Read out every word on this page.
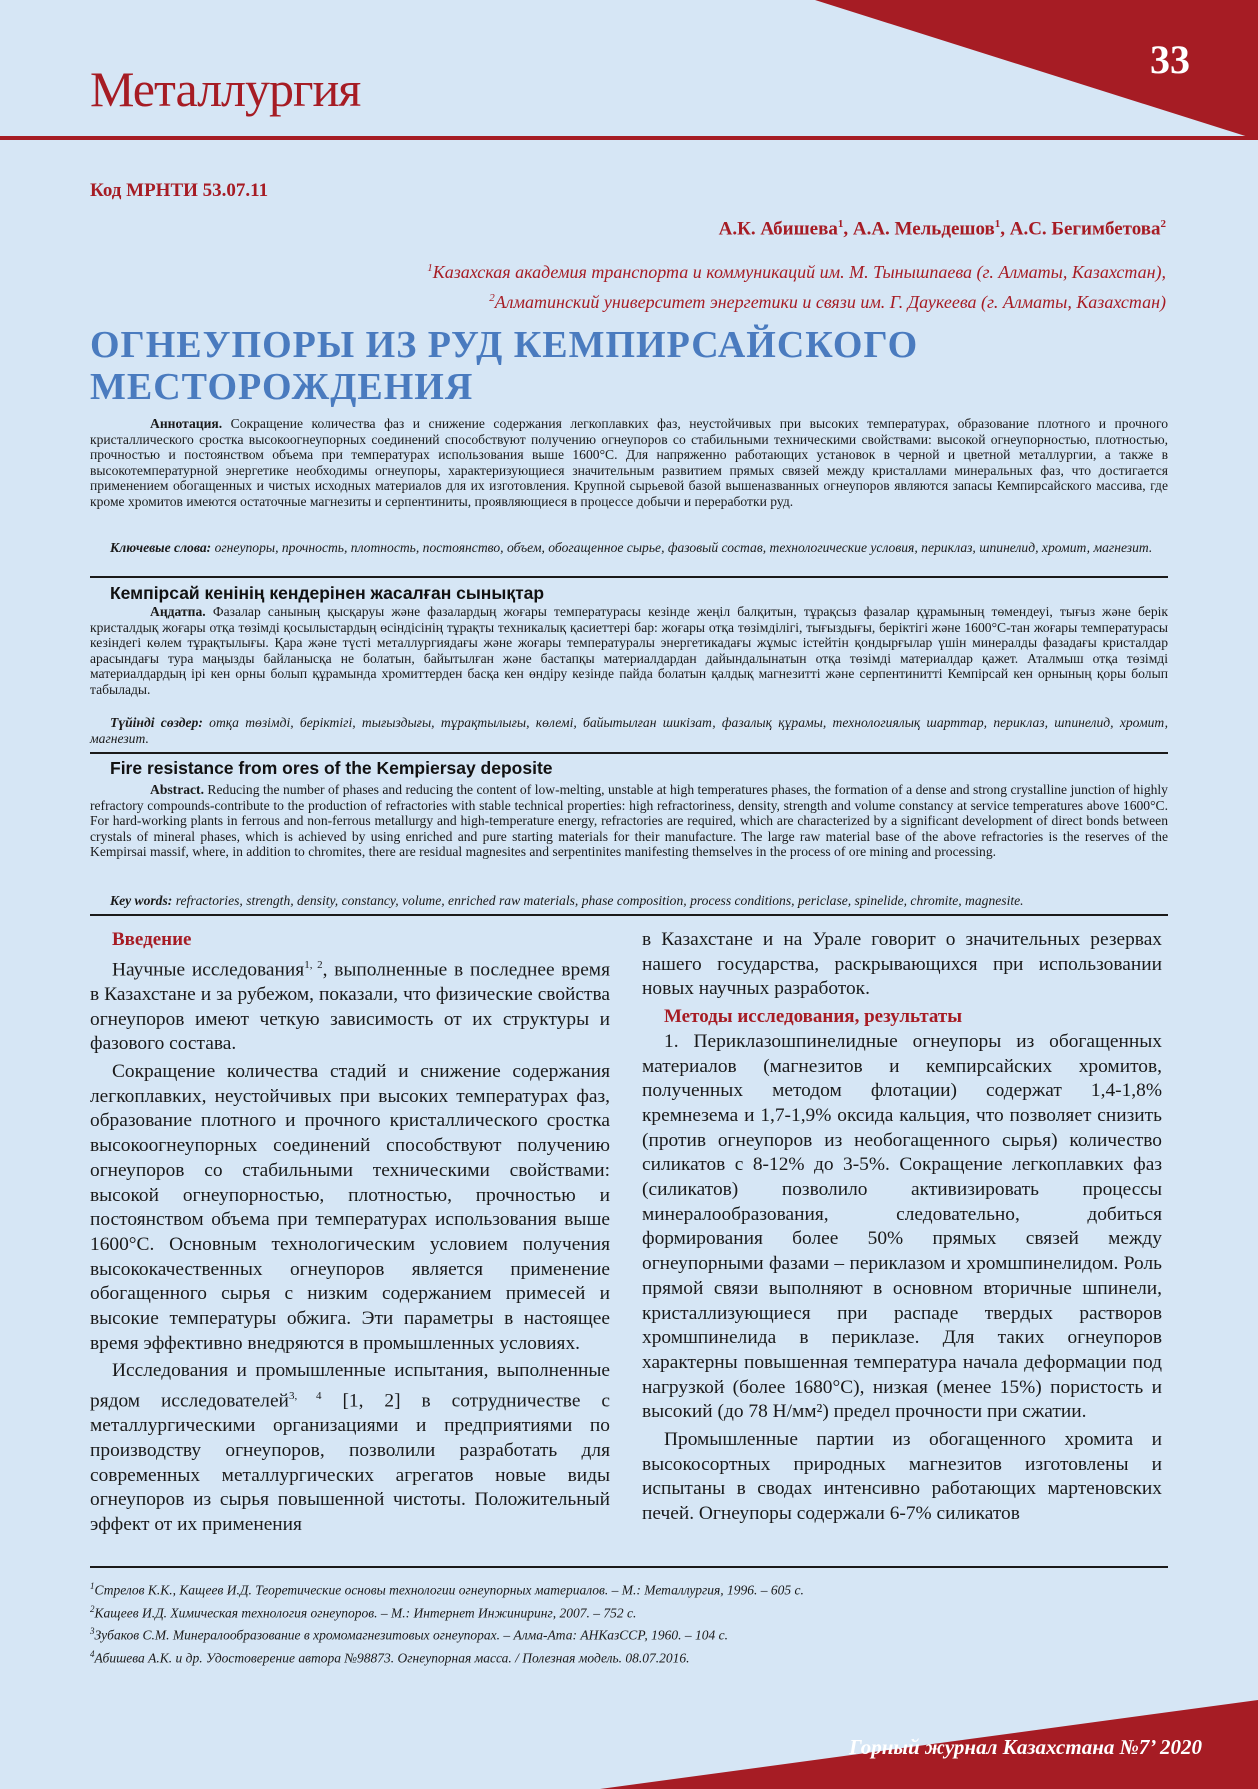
Металлургия
33
Код МРНТИ 53.07.11
А.К. Абишева$^1$, А.А. Мельдешов$^1$, А.С. Бегимбетова$^2$
$^1$Казахская академия транспорта и коммуникаций им. М. Тынышпаева (г. Алматы, Казахстан),
$^2$Алматинский университет энергетики и связи им. Г. Даукеева (г. Алматы, Казахстан)
ОГНЕУПОРЫ ИЗ РУД КЕМПИРСАЙСКОГО МЕСТОРОЖДЕНИЯ
Аннотация. Сокращение количества фаз и снижение содержания легкоплавких фаз, неустойчивых при высоких температурах, образование плотного и прочного кристаллического сростка высокоогнеупорных соединений способствуют получению огнеупоров со стабильными техническими свойствами: высокой огнеупорностью, плотностью, прочностью и постоянством объема при температурах использования выше 1600°С. Для напряженно работающих установок в черной и цветной металлургии, а также в высокотемпературной энергетике необходимы огнеупоры, характеризующиеся значительным развитием прямых связей между кристаллами минеральных фаз, что достигается применением обогащенных и чистых исходных материалов для их изготовления. Крупной сырьевой базой вышеназванных огнеупоров являются запасы Кемпирсайского массива, где кроме хромитов имеются остаточные магнезиты и серпентиниты, проявляющиеся в процессе добычи и переработки руд.
Ключевые слова: огнеупоры, прочность, плотность, постоянство, объем, обогащенное сырье, фазовый состав, технологические условия, периклаз, шпинелид, хромит, магнезит.
Кемпірсай кенінің кендерінен жасалған сынықтар
Аңдатпа. Фазалар санының қысқаруы және фазалардың жоғары температурасы кезінде жеңіл балқитын, тұрақсыз фазалар құрамының төмендеуі, тығыз және берік кристалдық жоғары отқа төзімді қосылыстардың өсіндісінің тұрақты техникалық қасиеттері бар: жоғары отқа төзімділігі, тығыздығы, беріктігі және 1600°С-тан жоғары температурасы кезіндегі көлем тұрақтылығы. Қара және түсті металлургиядағы және жоғары температуралы энергетикадағы жұмыс істейтін қондырғылар үшін минералды фазадағы кристалдар арасындағы тура маңызды байланысқа не болатын, байытылған және бастапқы материалдардан дайындалынатын отқа төзімді материалдар қажет. Аталмыш отқа төзімді материалдардың ірі кен орны болып құрамында хромиттерден басқа кен өндіру кезінде пайда болатын қалдық магнезитті және серпентинитті Кемпірсай кен орнының қоры болып табылады.
Түйінді сөздер: отқа төзімді, беріктігі, тығыздығы, тұрақтылығы, көлемі, байытылған шикізат, фазалық құрамы, технологиялық шарттар, периклаз, шпинелид, хромит, магнезит.
Fire resistance from ores of the Kempiersay deposite
Abstract. Reducing the number of phases and reducing the content of low-melting, unstable at high temperatures phases, the formation of a dense and strong crystalline junction of highly refractory compounds-contribute to the production of refractories with stable technical properties: high refractoriness, density, strength and volume constancy at service temperatures above 1600°C. For hard-working plants in ferrous and non-ferrous metallurgy and high-temperature energy, refractories are required, which are characterized by a significant development of direct bonds between crystals of mineral phases, which is achieved by using enriched and pure starting materials for their manufacture. The large raw material base of the above refractories is the reserves of the Kempirsai massif, where, in addition to chromites, there are residual magnesites and serpentinites manifesting themselves in the process of ore mining and processing.
Key words: refractories, strength, density, constancy, volume, enriched raw materials, phase composition, process conditions, periclase, spinelide, chromite, magnesite.
Введение

Научные исследования$^{1, 2}$, выполненные в последнее время в Казахстане и за рубежом, показали, что физические свойства огнеупоров имеют четкую зависимость от их структуры и фазового состава.

Сокращение количества стадий и снижение содержания легкоплавких, неустойчивых при высоких температурах фаз, образование плотного и прочного кристаллического сростка высокоогнеупорных соединений способствуют получению огнеупоров со стабильными техническими свойствами: высокой огнеупорностью, плотностью, прочностью и постоянством объема при температурах использования выше 1600°С. Основным технологическим условием получения высококачественных огнеупоров является применение обогащенного сырья с низким содержанием примесей и высокие температуры обжига. Эти параметры в настоящее время эффективно внедряются в промышленных условиях.

Исследования и промышленные испытания, выполненные рядом исследователей$^{3, 4}$ [1, 2] в сотрудничестве с металлургическими организациями и предприятиями по производству огнеупоров, позволили разработать для современных металлургических агрегатов новые виды огнеупоров из сырья повышенной чистоты. Положительный эффект от их применения

в Казахстане и на Урале говорит о значительных резервах нашего государства, раскрывающихся при использовании новых научных разработок.

Методы исследования, результаты

1. Периклазошпинелидные огнеупоры из обогащенных материалов (магнезитов и кемпирсайских хромитов, полученных методом флотации) содержат 1,4-1,8% кремнезема и 1,7-1,9% оксида кальция, что позволяет снизить (против огнеупоров из необогащенного сырья) количество силикатов с 8-12% до 3-5%. Сокращение легкоплавких фаз (силикатов) позволило активизировать процессы минералообразования, следовательно, добиться формирования более 50% прямых связей между огнеупорными фазами – периклазом и хромшпинелидом. Роль прямой связи выполняют в основном вторичные шпинели, кристаллизующиеся при распаде твердых растворов хромшпинелида в периклазе. Для таких огнеупоров характерны повышенная температура начала деформации под нагрузкой (более 1680°С), низкая (менее 15%) пористость и высокий (до 78 Н/мм²) предел прочности при сжатии.

Промышленные партии из обогащенного хромита и высокосортных природных магнезитов изготовлены и испытаны в сводах интенсивно работающих мартеновских печей. Огнеупоры содержали 6-7% силикатов

$^1$Стрелов К.К., Кащеев И.Д. Теоретические основы технологии огнеупорных материалов. – М.: Металлургия, 1996. – 605 с.
$^2$Кащеев И.Д. Химическая технология огнеупоров. – М.: Интернет Инжиниринг, 2007. – 752 с.
$^3$Зубаков С.М. Минералообразование в хромомагнезитовых огнеупорах. – Алма-Ата: АНКазССР, 1960. – 104 с.
$^4$Абишева А.К. и др. Удостоверение автора №98873. Огнеупорная масса. / Полезная модель. 08.07.2016.
Горный журнал Казахстана №7’ 2020
